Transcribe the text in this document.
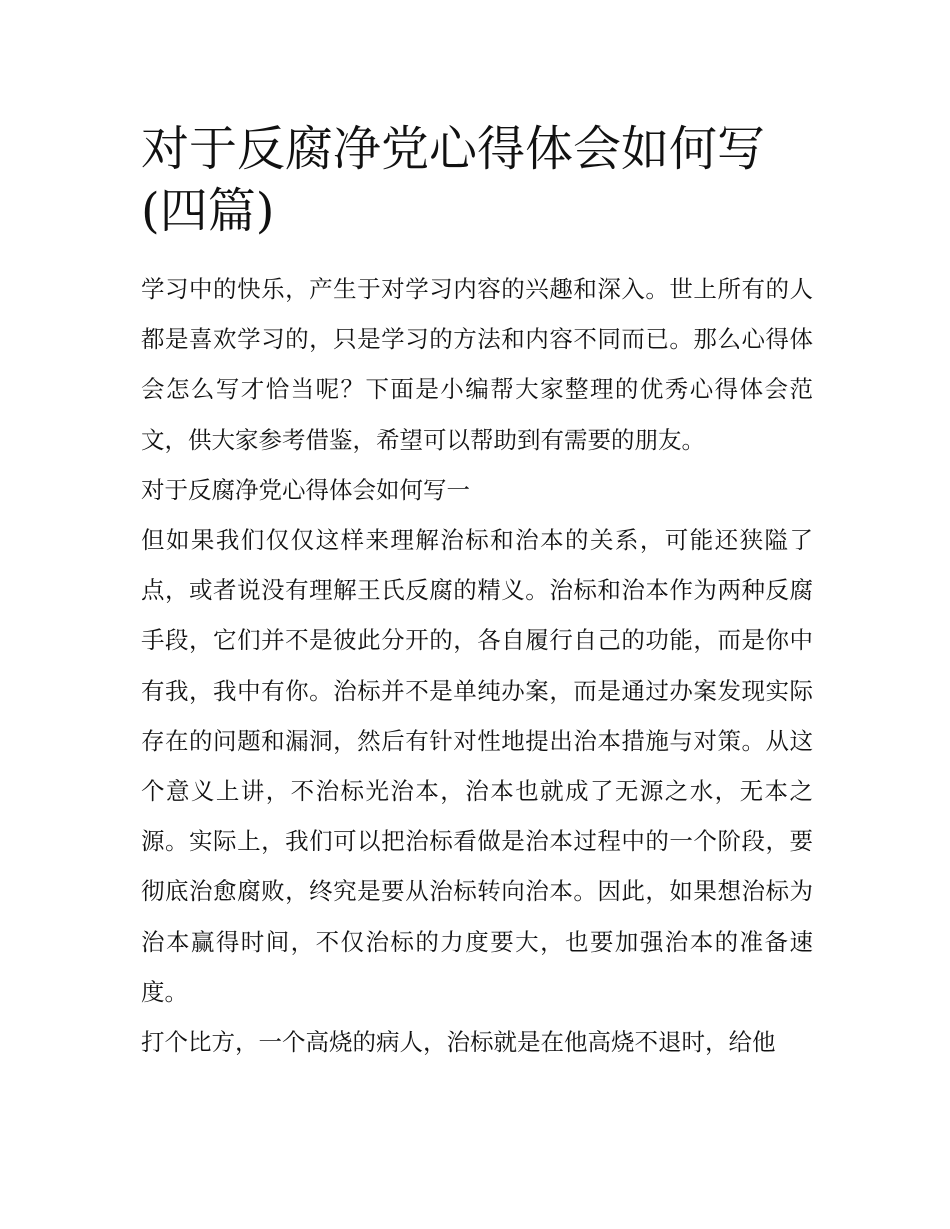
对于反腐净党心得体会如何写(四篇)

学习中的快乐，产生于对学习内容的兴趣和深入。世上所有的人都是喜欢学习的，只是学习的方法和内容不同而已。那么心得体会怎么写才恰当呢？下面是小编帮大家整理的优秀心得体会范文，供大家参考借鉴，希望可以帮助到有需要的朋友。

对于反腐净党心得体会如何写一

但如果我们仅仅这样来理解治标和治本的关系，可能还狭隘了点，或者说没有理解王氏反腐的精义。治标和治本作为两种反腐手段，它们并不是彼此分开的，各自履行自己的功能，而是你中有我，我中有你。治标并不是单纯办案，而是通过办案发现实际存在的问题和漏洞，然后有针对性地提出治本措施与对策。从这个意义上讲，不治标光治本，治本也就成了无源之水，无本之源。实际上，我们可以把治标看做是治本过程中的一个阶段，要彻底治愈腐败，终究是要从治标转向治本。因此，如果想治标为治本赢得时间，不仅治标的力度要大，也要加强治本的准备速度。

打个比方，一个高烧的病人，治标就是在他高烧不退时，给他
